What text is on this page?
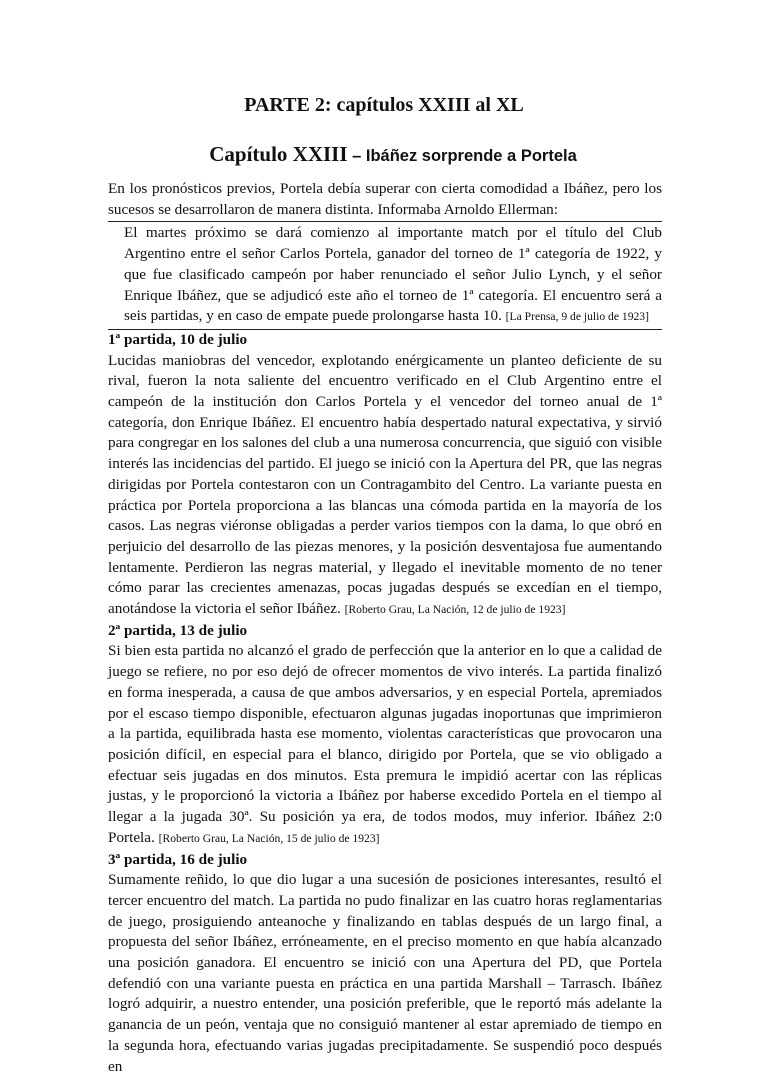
PARTE 2: capítulos XXIII al XL
Capítulo XXIII – Ibáñez sorprende a Portela

En los pronósticos previos, Portela debía superar con cierta comodidad a Ibáñez, pero los sucesos se desarrollaron de manera distinta. Informaba Arnoldo Ellerman:

El martes próximo se dará comienzo al importante match por el título del Club Argentino entre el señor Carlos Portela, ganador del torneo de 1ª categoría de 1922, y que fue clasificado campeón por haber renunciado el señor Julio Lynch, y el señor Enrique Ibáñez, que se adjudicó este año el torneo de 1ª categoría. El encuentro será a seis partidas, y en caso de empate puede prolongarse hasta 10. [La Prensa, 9 de julio de 1923]

1ª partida, 10 de julio

Lucidas maniobras del vencedor, explotando enérgicamente un planteo deficiente de su rival, fueron la nota saliente del encuentro verificado en el Club Argentino entre el campeón de la institución don Carlos Portela y el vencedor del torneo anual de 1ª categoría, don Enrique Ibáñez. El encuentro había despertado natural expectativa, y sirvió para congregar en los salones del club a una numerosa concurrencia, que siguió con visible interés las incidencias del partido. El juego se inició con la Apertura del PR, que las negras dirigidas por Portela contestaron con un Contragambito del Centro. La variante puesta en práctica por Portela proporciona a las blancas una cómoda partida en la mayoría de los casos. Las negras viéronse obligadas a perder varios tiempos con la dama, lo que obró en perjuicio del desarrollo de las piezas menores, y la posición desventajosa fue aumentando lentamente. Perdieron las negras material, y llegado el inevitable momento de no tener cómo parar las crecientes amenazas, pocas jugadas después se excedían en el tiempo, anotándose la victoria el señor Ibáñez. [Roberto Grau, La Nación, 12 de julio de 1923]

2ª partida, 13 de julio

Si bien esta partida no alcanzó el grado de perfección que la anterior en lo que a calidad de juego se refiere, no por eso dejó de ofrecer momentos de vivo interés. La partida finalizó en forma inesperada, a causa de que ambos adversarios, y en especial Portela, apremiados por el escaso tiempo disponible, efectuaron algunas jugadas inoportunas que imprimieron a la partida, equilibrada hasta ese momento, violentas características que provocaron una posición difícil, en especial para el blanco, dirigido por Portela, que se vio obligado a efectuar seis jugadas en dos minutos. Esta premura le impidió acertar con las réplicas justas, y le proporcionó la victoria a Ibáñez por haberse excedido Portela en el tiempo al llegar a la jugada 30ª. Su posición ya era, de todos modos, muy inferior. Ibáñez 2:0 Portela. [Roberto Grau, La Nación, 15 de julio de 1923]

3ª partida, 16 de julio

Sumamente reñido, lo que dio lugar a una sucesión de posiciones interesantes, resultó el tercer encuentro del match. La partida no pudo finalizar en las cuatro horas reglamentarias de juego, prosiguiendo anteanoche y finalizando en tablas después de un largo final, a propuesta del señor Ibáñez, erróneamente, en el preciso momento en que había alcanzado una posición ganadora. El encuentro se inició con una Apertura del PD, que Portela defendió con una variante puesta en práctica en una partida Marshall – Tarrasch. Ibáñez logró adquirir, a nuestro entender, una posición preferible, que le reportó más adelante la ganancia de un peón, ventaja que no consiguió mantener al estar apremiado de tiempo en la segunda hora, efectuando varias jugadas precipitadamente. Se suspendió poco después en
